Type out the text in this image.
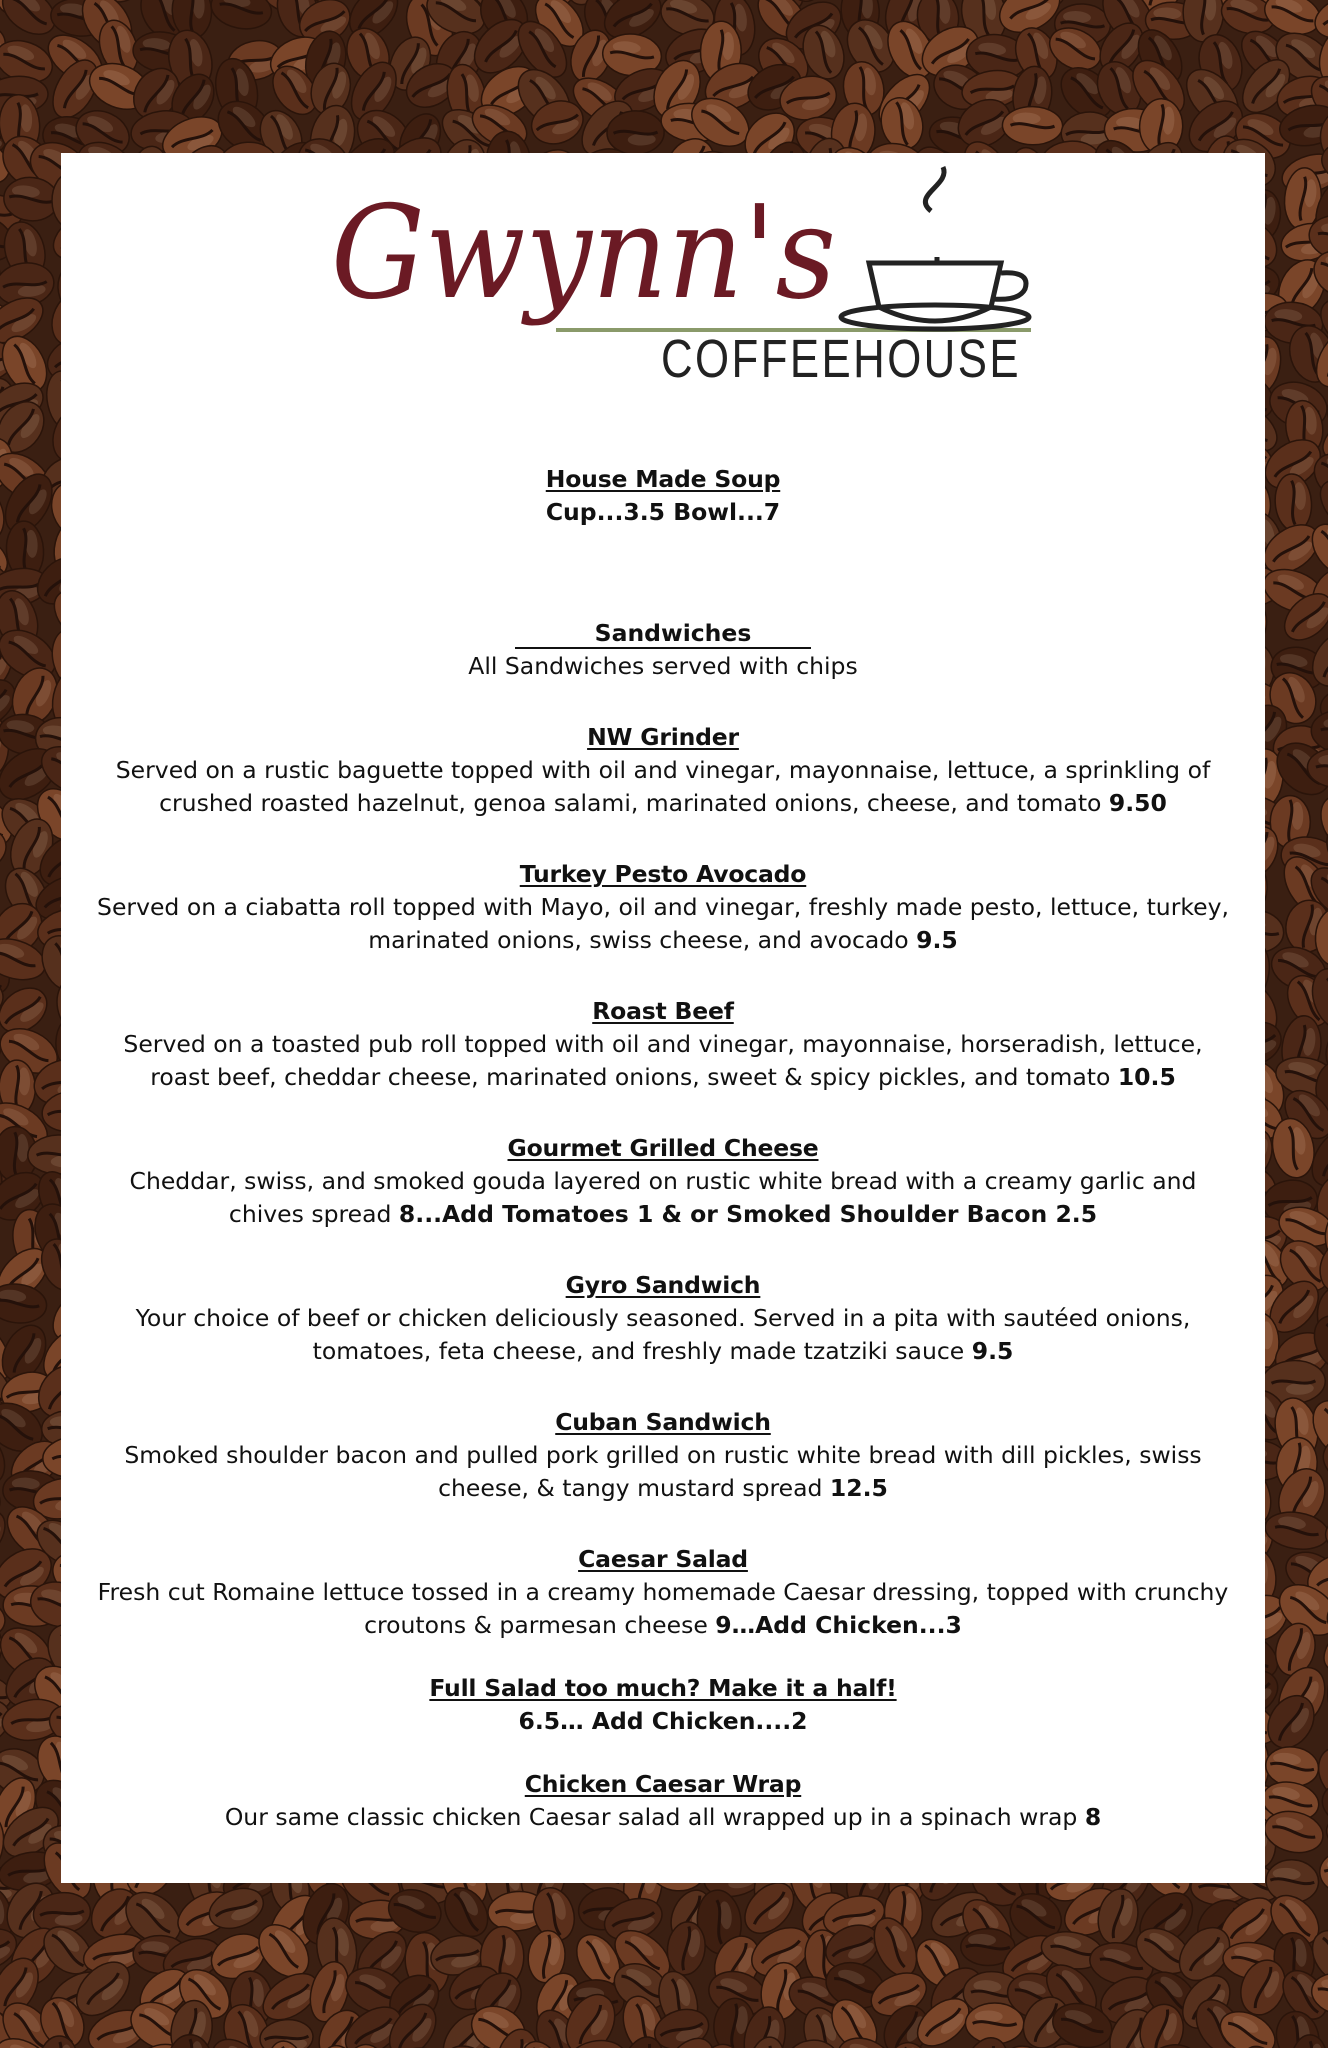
Gwynn's
COFFEEHOUSE
House Made Soup
Cup...3.5 Bowl...7
Sandwiches
All Sandwiches served with chips
NW Grinder
Served on a rustic baguette topped with oil and vinegar, mayonnaise, lettuce, a sprinkling of crushed roasted hazelnut, genoa salami, marinated onions, cheese, and tomato 9.50
Turkey Pesto Avocado
Served on a ciabatta roll topped with Mayo, oil and vinegar, freshly made pesto, lettuce, turkey, marinated onions, swiss cheese, and avocado 9.5
Roast Beef
Served on a toasted pub roll topped with oil and vinegar, mayonnaise, horseradish, lettuce, roast beef, cheddar cheese, marinated onions, sweet & spicy pickles, and tomato 10.5
Gourmet Grilled Cheese
Cheddar, swiss, and smoked gouda layered on rustic white bread with a creamy garlic and chives spread 8...Add Tomatoes 1 & or Smoked Shoulder Bacon 2.5
Gyro Sandwich
Your choice of beef or chicken deliciously seasoned. Served in a pita with sautéed onions, tomatoes, feta cheese, and freshly made tzatziki sauce 9.5
Cuban Sandwich
Smoked shoulder bacon and pulled pork grilled on rustic white bread with dill pickles, swiss cheese, & tangy mustard spread 12.5
Caesar Salad
Fresh cut Romaine lettuce tossed in a creamy homemade Caesar dressing, topped with crunchy croutons & parmesan cheese 9…Add Chicken...3
Full Salad too much? Make it a half!
6.5… Add Chicken....2
Chicken Caesar Wrap
Our same classic chicken Caesar salad all wrapped up in a spinach wrap 8
